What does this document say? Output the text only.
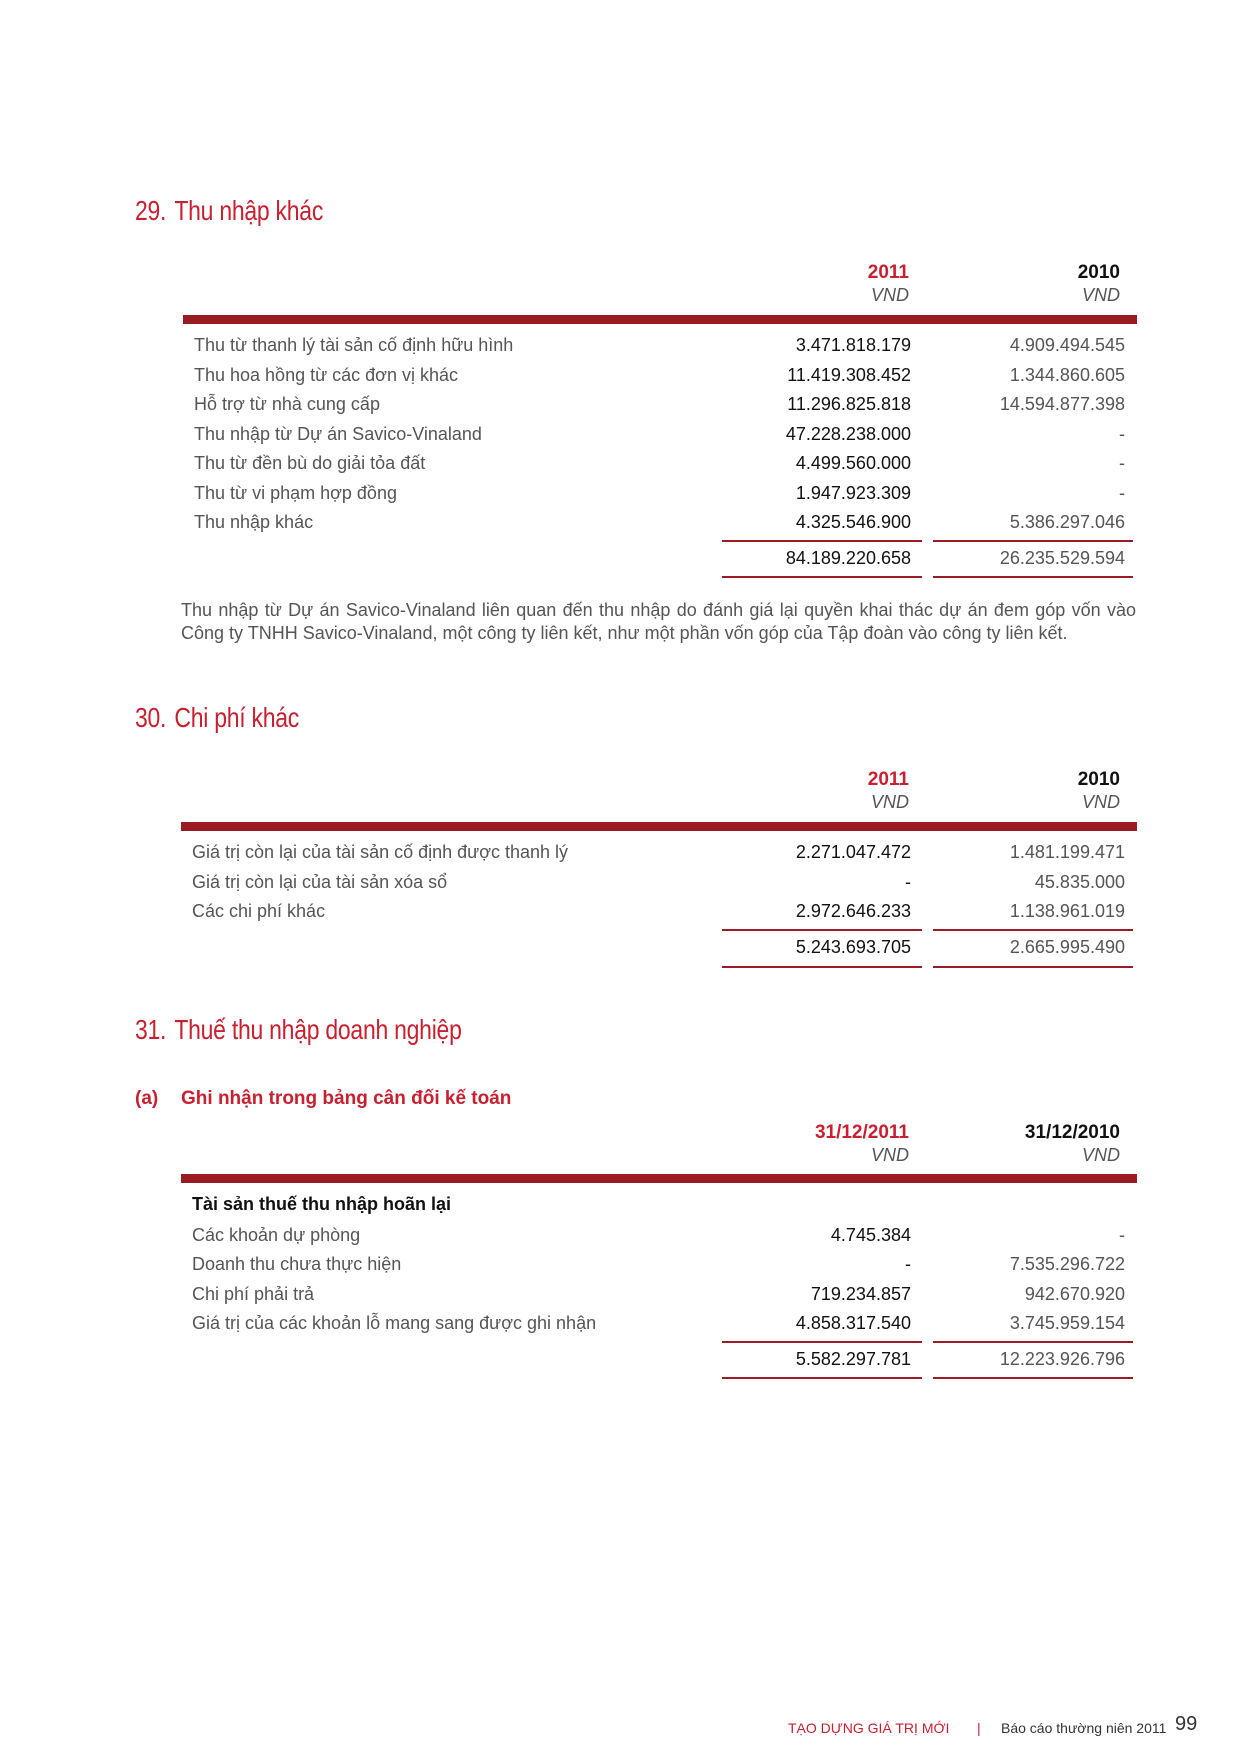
29. Thu nhập khác
2011
VND
2010
VND
Thu từ thanh lý tài sản cố định hữu hình	3.471.818.179	4.909.494.545
Thu hoa hồng từ các đơn vị khác	11.419.308.452	1.344.860.605
Hỗ trợ từ nhà cung cấp	11.296.825.818	14.594.877.398
Thu nhập từ Dự án Savico-Vinaland	47.228.238.000	-
Thu từ đền bù do giải tỏa đất	4.499.560.000	-
Thu từ vi phạm hợp đồng	1.947.923.309	-
Thu nhập khác	4.325.546.900	5.386.297.046
84.189.220.658	26.235.529.594
Thu nhập từ Dự án Savico-Vinaland liên quan đến thu nhập do đánh giá lại quyền khai thác dự án đem góp vốn vào Công ty TNHH Savico-Vinaland, một công ty liên kết, như một phần vốn góp của Tập đoàn vào công ty liên kết.
30. Chi phí khác
2011
VND
2010
VND
Giá trị còn lại của tài sản cố định được thanh lý	2.271.047.472	1.481.199.471
Giá trị còn lại của tài sản xóa sổ	-	45.835.000
Các chi phí khác	2.972.646.233	1.138.961.019
5.243.693.705	2.665.995.490
31. Thuế thu nhập doanh nghiệp
(a) Ghi nhận trong bảng cân đối kế toán
31/12/2011
VND
31/12/2010
VND
Tài sản thuế thu nhập hoãn lại
Các khoản dự phòng	4.745.384	-
Doanh thu chưa thực hiện	-	7.535.296.722
Chi phí phải trả	719.234.857	942.670.920
Giá trị của các khoản lỗ mang sang được ghi nhận	4.858.317.540	3.745.959.154
5.582.297.781	12.223.926.796
TẠO DỰNG GIÁ TRỊ MỚI | Báo cáo thường niên 2011 99
